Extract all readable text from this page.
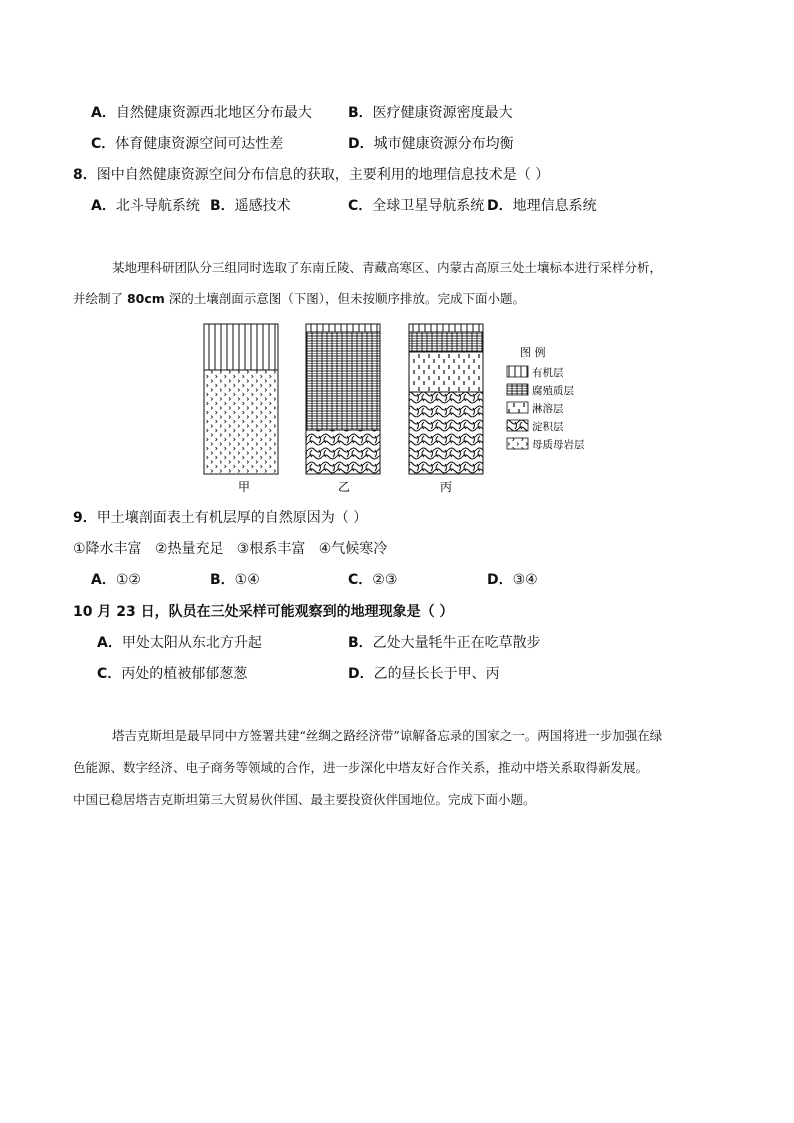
A．自然健康资源西北地区分布最大	B．医疗健康资源密度最大
C．体育健康资源空间可达性差	D．城市健康资源分布均衡
8．图中自然健康资源空间分布信息的获取，主要利用的地理信息技术是（ ）
A．北斗导航系统 B．遥感技术	C．全球卫星导航系统 D．地理信息系统
某地理科研团队分三组同时选取了东南丘陵、青藏高寒区、内蒙古高原三处土壤标本进行采样分析，
并绘制了 80cm 深的土壤剖面示意图（下图），但未按顺序排放。完成下面小题。
甲	乙	丙
图 例
有机层
腐殖质层
淋溶层
淀积层
母质母岩层
9．甲土壤剖面表土有机层厚的自然原因为（ ）
①降水丰富   ②热量充足   ③根系丰富   ④气候寒冷
A．①②	B．①④	C．②③	D．③④
10 月 23 日，队员在三处采样可能观察到的地理现象是（ ）
A．甲处太阳从东北方升起	B．乙处大量牦牛正在吃草散步
C．丙处的植被郁郁葱葱	D．乙的昼长长于甲、丙
塔吉克斯坦是最早同中方签署共建“丝绸之路经济带”谅解备忘录的国家之一。两国将进一步加强在绿
色能源、数字经济、电子商务等领域的合作，进一步深化中塔友好合作关系，推动中塔关系取得新发展。
中国已稳居塔吉克斯坦第三大贸易伙伴国、最主要投资伙伴国地位。完成下面小题。
